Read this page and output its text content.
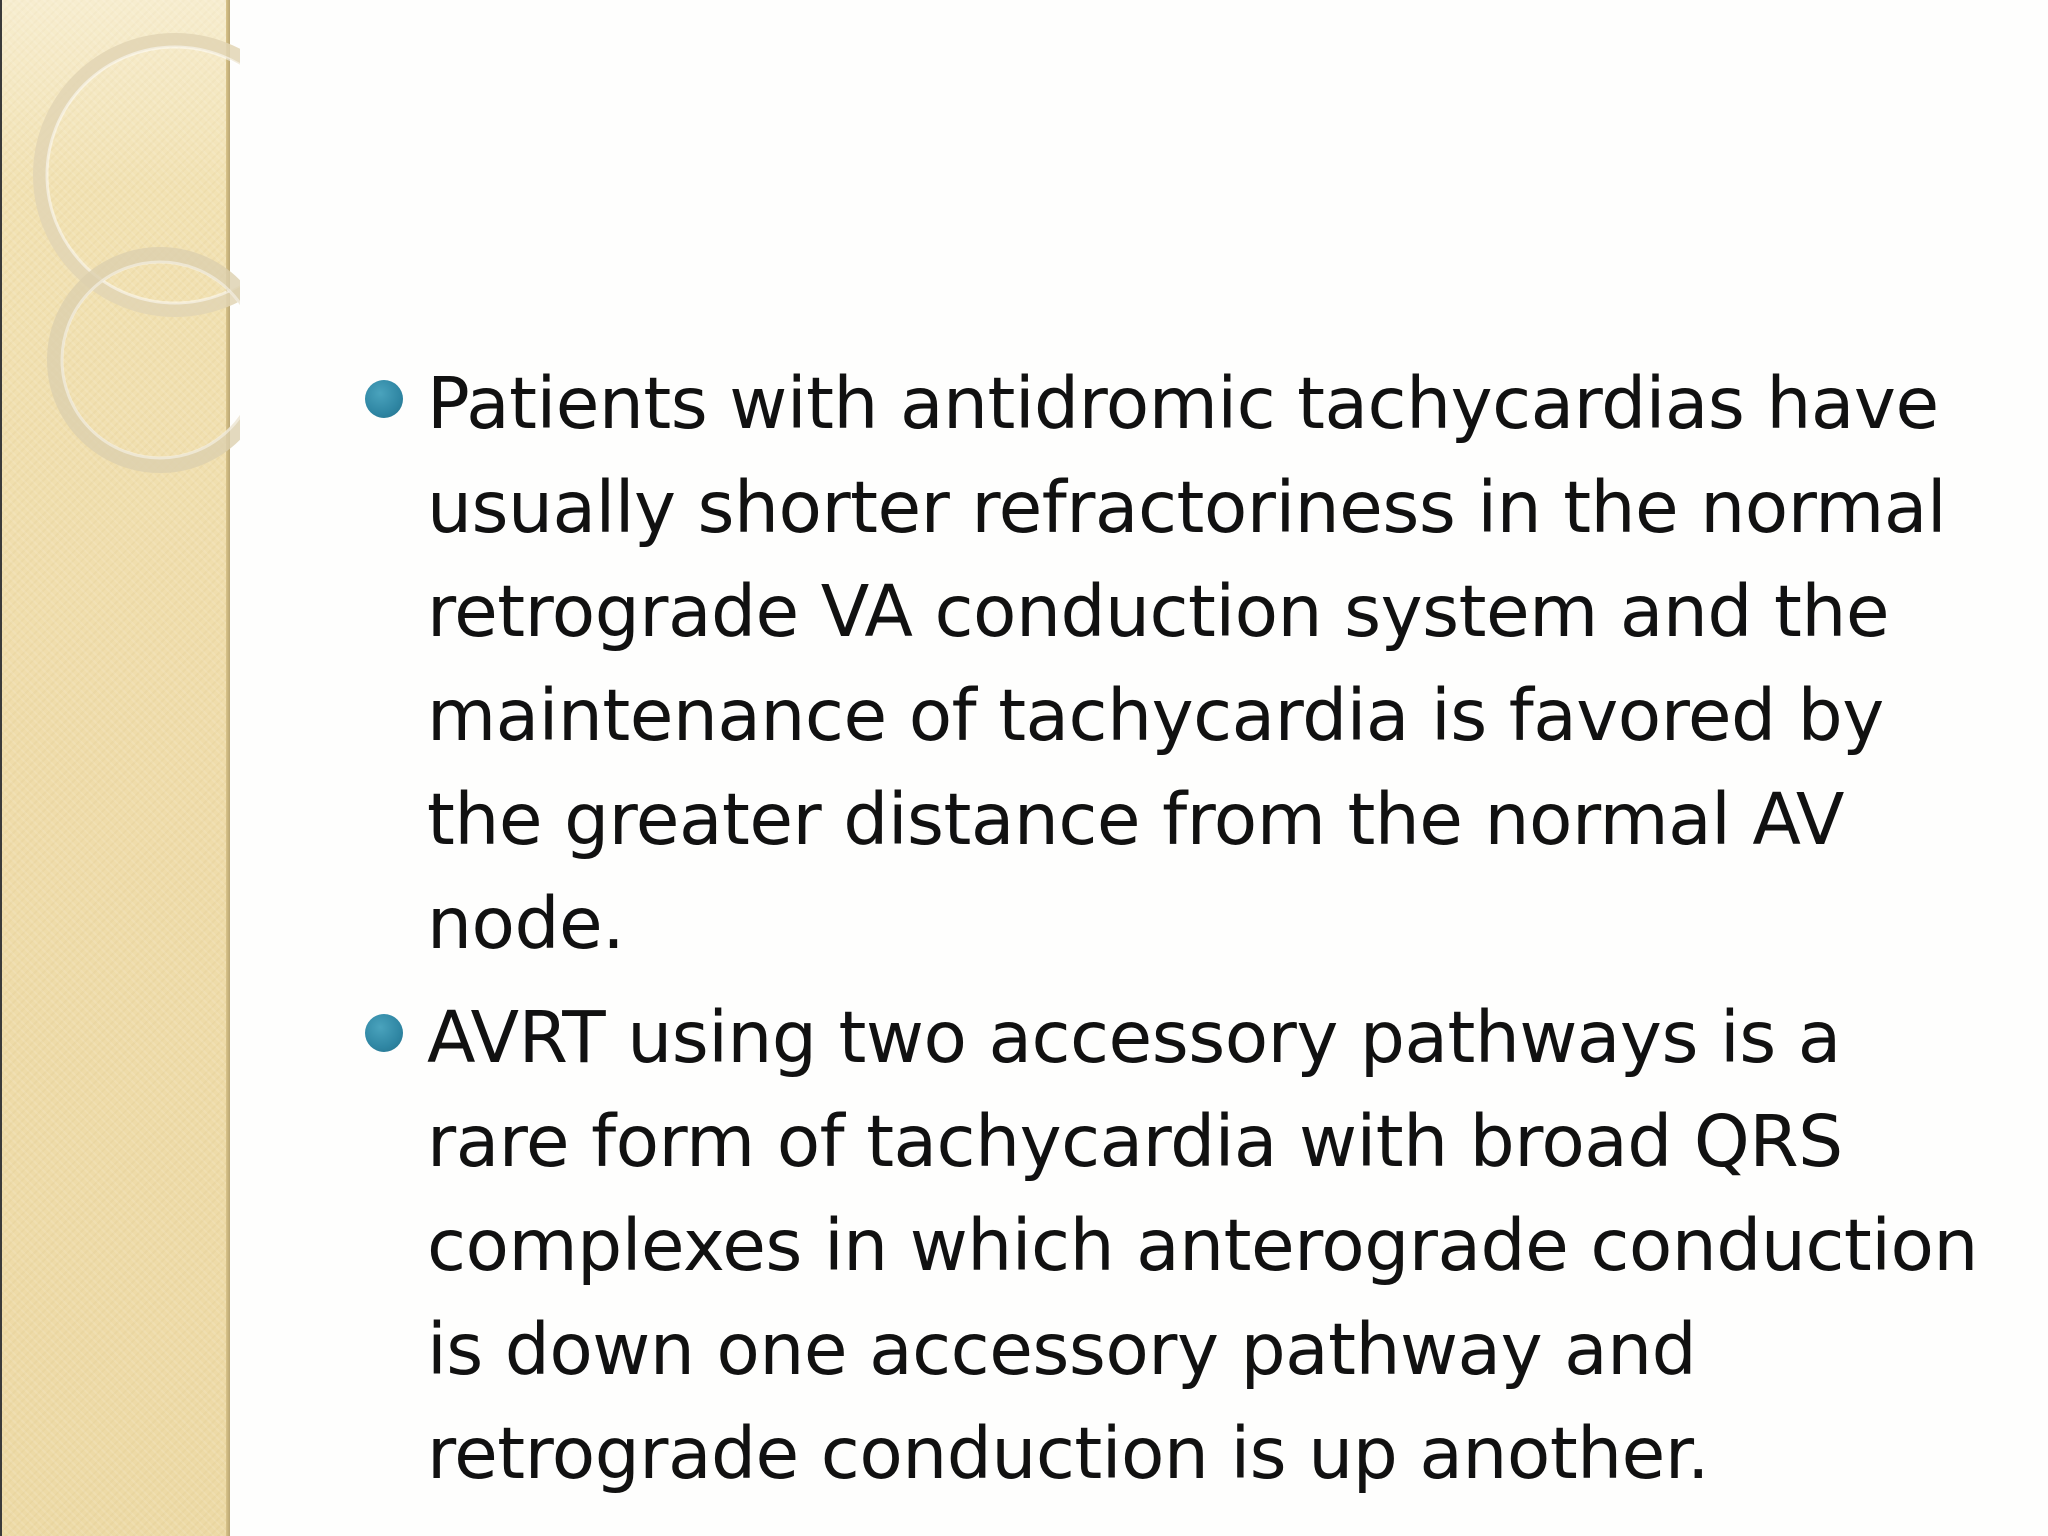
Patients with antidromic tachycardias have usually shorter refractoriness in the normal retrograde VA conduction system and the maintenance of tachycardia is favored by the greater distance from the normal AV node.
AVRT using two accessory pathways is a rare form of tachycardia with broad QRS complexes in which anterograde conduction is down one accessory pathway and retrograde conduction is up another.
